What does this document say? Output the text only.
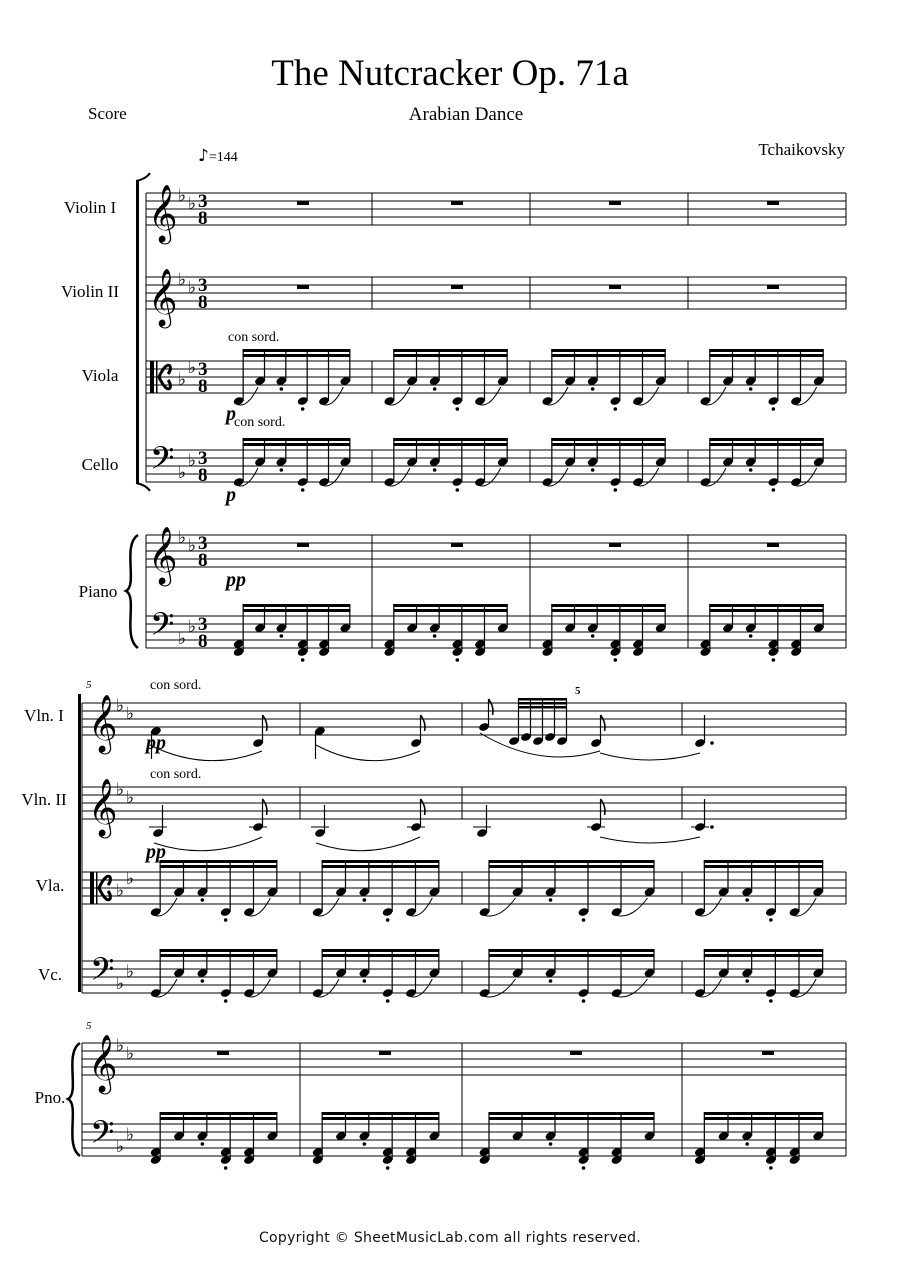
The Nutcracker Op. 71a
Arabian Dance
Score
Tchaikovsky
♪=144
Violin I
Violin II
Viola
Cello
Piano
Vln. I
Vln. II
Vla.
Vc.
Pno.
𝄞 ♭ ♭ 3
8
𝄞 ♭ ♭ 3
8
♭
♭ 3
8
𝄢 ♭
♭ 3
8
𝄞 ♭ ♭ 3
8
𝄢 ♭
♭ 3
8
𝄞
♭ ♭
𝄞
♭ ♭
♭
♭
𝄢 ♭
♭
𝄞
♭ ♭
𝄢 ♭
♭
con sord.
p
con sord.
p
pp
5
5
con sord.
pp
con sord.
pp
5
Copyright © SheetMusicLab.com all rights reserved.
